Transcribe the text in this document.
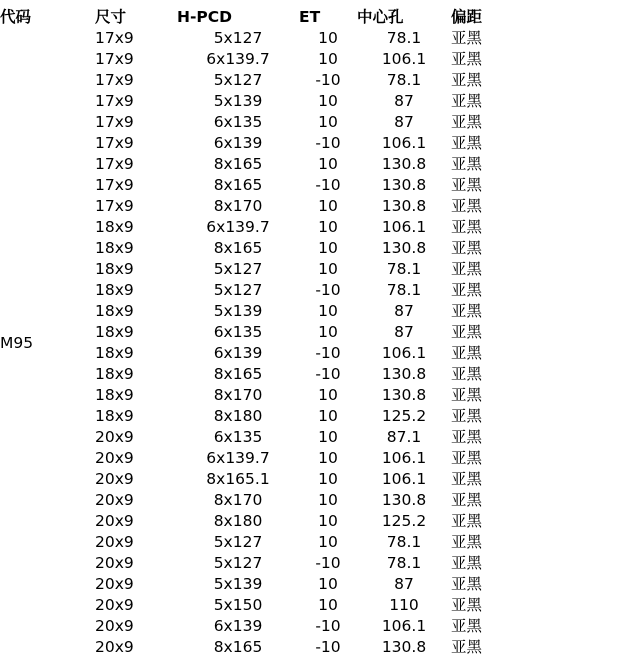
代码	尺寸	H-PCD	ET	中心孔	偏距
M95	17x9	5x127	10	78.1	亚黑
	17x9	6x139.7	10	106.1	亚黑
	17x9	5x127	-10	78.1	亚黑
	17x9	5x139	10	87	亚黑
	17x9	6x135	10	87	亚黑
	17x9	6x139	-10	106.1	亚黑
	17x9	8x165	10	130.8	亚黑
	17x9	8x165	-10	130.8	亚黑
	17x9	8x170	10	130.8	亚黑
	18x9	6x139.7	10	106.1	亚黑
	18x9	8x165	10	130.8	亚黑
	18x9	5x127	10	78.1	亚黑
	18x9	5x127	-10	78.1	亚黑
	18x9	5x139	10	87	亚黑
	18x9	6x135	10	87	亚黑
	18x9	6x139	-10	106.1	亚黑
	18x9	8x165	-10	130.8	亚黑
	18x9	8x170	10	130.8	亚黑
	18x9	8x180	10	125.2	亚黑
	20x9	6x135	10	87.1	亚黑
	20x9	6x139.7	10	106.1	亚黑
	20x9	8x165.1	10	106.1	亚黑
	20x9	8x170	10	130.8	亚黑
	20x9	8x180	10	125.2	亚黑
	20x9	5x127	10	78.1	亚黑
	20x9	5x127	-10	78.1	亚黑
	20x9	5x139	10	87	亚黑
	20x9	5x150	10	110	亚黑
	20x9	6x139	-10	106.1	亚黑
	20x9	8x165	-10	130.8	亚黑
